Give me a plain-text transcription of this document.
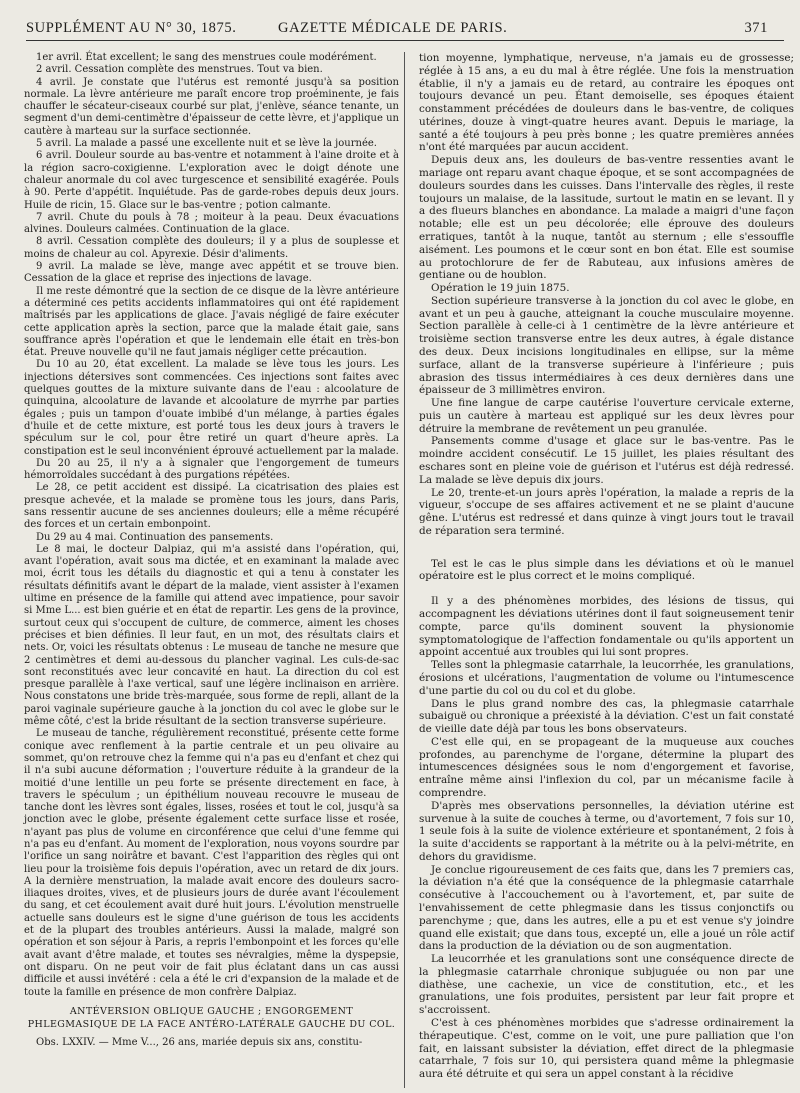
SUPPLÉMENT AU N° 30, 1875.	GAZETTE MÉDICALE DE PARIS.	371

1er avril. État excellent; le sang des menstrues coule modérément.

2 avril. Cessation complète des menstrues. Tout va bien.

4 avril. Je constate que l'utérus est remonté jusqu'à sa position normale. La lèvre antérieure me paraît encore trop proéminente, je fais chauffer le sécateur-ciseaux courbé sur plat, j'enlève, séance tenante, un segment d'un demi-centimètre d'épaisseur de cette lèvre, et j'applique un cautère à marteau sur la surface sectionnée.

5 avril. La malade a passé une excellente nuit et se lève la journée.

6 avril. Douleur sourde au bas-ventre et notamment à l'aine droite et à la région sacro-coxigienne. L'exploration avec le doigt dénote une chaleur anormale du col avec turgescence et sensibilité exagérée. Pouls à 90. Perte d'appétit. Inquiétude. Pas de garde-robes depuis deux jours. Huile de ricin, 15. Glace sur le bas-ventre ; potion calmante.

7 avril. Chute du pouls à 78 ; moiteur à la peau. Deux évacuations alvines. Douleurs calmées. Continuation de la glace.

8 avril. Cessation complète des douleurs; il y a plus de souplesse et moins de chaleur au col. Apyrexie. Désir d'aliments.

9 avril. La malade se lève, mange avec appétit et se trouve bien. Cessation de la glace et reprise des injections de lavage.

Il me reste démontré que la section de ce disque de la lèvre antérieure a déterminé ces petits accidents inflammatoires qui ont été rapidement maîtrisés par les applications de glace. J'avais négligé de faire exécuter cette application après la section, parce que la malade était gaie, sans souffrance après l'opération et que le lendemain elle était en très-bon état. Preuve nouvelle qu'il ne faut jamais négliger cette précaution.

Du 10 au 20, état excellent. La malade se lève tous les jours. Les injections détersives sont commencées. Ces injections sont faites avec quelques gouttes de la mixture suivante dans de l'eau : alcoolature de quinquina, alcoolature de lavande et alcoolature de myrrhe par parties égales ; puis un tampon d'ouate imbibé d'un mélange, à parties égales d'huile et de cette mixture, est porté tous les deux jours à travers le spéculum sur le col, pour être retiré un quart d'heure après. La constipation est le seul inconvénient éprouvé actuellement par la malade.

Du 20 au 25, il n'y a à signaler que l'engorgement de tumeurs hémorroïdales succédant à des purgations répétées.

Le 28, ce petit accident est dissipé. La cicatrisation des plaies est presque achevée, et la malade se promène tous les jours, dans Paris, sans ressentir aucune de ses anciennes douleurs; elle a même récupéré des forces et un certain embonpoint.

Du 29 au 4 mai. Continuation des pansements.

Le 8 mai, le docteur Dalpiaz, qui m'a assisté dans l'opération, qui, avant l'opération, avait sous ma dictée, et en examinant la malade avec moi, écrit tous les détails du diagnostic et qui a tenu à constater les résultats définitifs avant le départ de la malade, vient assister à l'examen ultime en présence de la famille qui attend avec impatience, pour savoir si Mme L... est bien guérie et en état de repartir. Les gens de la province, surtout ceux qui s'occupent de culture, de commerce, aiment les choses précises et bien définies. Il leur faut, en un mot, des résultats clairs et nets. Or, voici les résultats obtenus : Le museau de tanche ne mesure que 2 centimètres et demi au-dessous du plancher vaginal. Les culs-de-sac sont reconstitués avec leur concavité en haut. La direction du col est presque parallèle à l'axe vertical, sauf une légère inclinaison en arrière. Nous constatons une bride très-marquée, sous forme de repli, allant de la paroi vaginale supérieure gauche à la jonction du col avec le globe sur le même côté, c'est la bride résultant de la section transverse supérieure.

Le museau de tanche, régulièrement reconstitué, présente cette forme conique avec renflement à la partie centrale et un peu olivaire au sommet, qu'on retrouve chez la femme qui n'a pas eu d'enfant et chez qui il n'a subi aucune déformation ; l'ouverture réduite à la grandeur de la moitié d'une lentille un peu forte se présente directement en face, à travers le spéculum ; un épithélium nouveau recouvre le museau de tanche dont les lèvres sont égales, lisses, rosées et tout le col, jusqu'à sa jonction avec le globe, présente également cette surface lisse et rosée, n'ayant pas plus de volume en circonférence que celui d'une femme qui n'a pas eu d'enfant. Au moment de l'exploration, nous voyons sourdre par l'orifice un sang noirâtre et bavant. C'est l'apparition des règles qui ont lieu pour la troisième fois depuis l'opération, avec un retard de dix jours. A la dernière menstruation, la malade avait encore des douleurs sacro-iliaques droites, vives, et de plusieurs jours de durée avant l'écoulement du sang, et cet écoulement avait duré huit jours. L'évolution menstruelle actuelle sans douleurs est le signe d'une guérison de tous les accidents et de la plupart des troubles antérieurs. Aussi la malade, malgré son opération et son séjour à Paris, a repris l'embonpoint et les forces qu'elle avait avant d'être malade, et toutes ses névralgies, même la dyspepsie, ont disparu. On ne peut voir de fait plus éclatant dans un cas aussi difficile et aussi invétéré : cela a été le cri d'expansion de la malade et de toute la famille en présence de mon confrère Dalpiaz.

ANTÉVERSION OBLIQUE GAUCHE ; ENGORGEMENT PHLEGMASIQUE DE LA FACE ANTÉRO-LATÉRALE GAUCHE DU COL.

Obs. LXXIV. — Mme V..., 26 ans, mariée depuis six ans, constitu-

tion moyenne, lymphatique, nerveuse, n'a jamais eu de grossesse; réglée à 15 ans, a eu du mal à être réglée. Une fois la menstruation établie, il n'y a jamais eu de retard, au contraire les époques ont toujours devancé un peu. Étant demoiselle, ses époques étaient constamment précédées de douleurs dans le bas-ventre, de coliques utérines, douze à vingt-quatre heures avant. Depuis le mariage, la santé a été toujours à peu près bonne ; les quatre premières années n'ont été marquées par aucun accident.

Depuis deux ans, les douleurs de bas-ventre ressenties avant le mariage ont reparu avant chaque époque, et se sont accompagnées de douleurs sourdes dans les cuisses. Dans l'intervalle des règles, il reste toujours un malaise, de la lassitude, surtout le matin en se levant. Il y a des flueurs blanches en abondance. La malade a maigri d'une façon notable; elle est un peu décolorée; elle éprouve des douleurs erratiques, tantôt à la nuque, tantôt au sternum ; elle s'essouffle aisément. Les poumons et le cœur sont en bon état. Elle est soumise au protochlorure de fer de Rabuteau, aux infusions amères de gentiane ou de houblon.

Opération le 19 juin 1875.

Section supérieure transverse à la jonction du col avec le globe, en avant et un peu à gauche, atteignant la couche musculaire moyenne. Section parallèle à celle-ci à 1 centimètre de la lèvre antérieure et troisième section transverse entre les deux autres, à égale distance des deux. Deux incisions longitudinales en ellipse, sur la même surface, allant de la transverse supérieure à l'inférieure ; puis abrasion des tissus intermédiaires à ces deux dernières dans une épaisseur de 3 millimètres environ.

Une fine langue de carpe cautérise l'ouverture cervicale externe, puis un cautère à marteau est appliqué sur les deux lèvres pour détruire la membrane de revêtement un peu granulée.

Pansements comme d'usage et glace sur le bas-ventre. Pas le moindre accident consécutif. Le 15 juillet, les plaies résultant des eschares sont en pleine voie de guérison et l'utérus est déjà redressé. La malade se lève depuis dix jours.

Le 20, trente-et-un jours après l'opération, la malade a repris de la vigueur, s'occupe de ses affaires activement et ne se plaint d'aucune gêne. L'utérus est redressé et dans quinze à vingt jours tout le travail de réparation sera terminé.

Tel est le cas le plus simple dans les déviations et où le manuel opératoire est le plus correct et le moins compliqué.

Il y a des phénomènes morbides, des lésions de tissus, qui accompagnent les déviations utérines dont il faut soigneusement tenir compte, parce qu'ils dominent souvent la physionomie symptomatologique de l'affection fondamentale ou qu'ils apportent un appoint accentué aux troubles qui lui sont propres.

Telles sont la phlegmasie catarrhale, la leucorrhée, les granulations, érosions et ulcérations, l'augmentation de volume ou l'intumescence d'une partie du col ou du col et du globe.

Dans le plus grand nombre des cas, la phlegmasie catarrhale subaiguë ou chronique a préexisté à la déviation. C'est un fait constaté de vieille date déjà par tous les bons observateurs.

C'est elle qui, en se propageant de la muqueuse aux couches profondes, au parenchyme de l'organe, détermine la plupart des intumescences désignées sous le nom d'engorgement et favorise, entraîne même ainsi l'inflexion du col, par un mécanisme facile à comprendre.

D'après mes observations personnelles, la déviation utérine est survenue à la suite de couches à terme, ou d'avortement, 7 fois sur 10, 1 seule fois à la suite de violence extérieure et spontanément, 2 fois à la suite d'accidents se rapportant à la métrite ou à la pelvi-métrite, en dehors du gravidisme.

Je conclue rigoureusement de ces faits que, dans les 7 premiers cas, la déviation n'a été que la conséquence de la phlegmasie catarrhale consécutive à l'accouchement ou à l'avortement, et, par suite de l'envahissement de cette phlegmasie dans les tissus conjonctifs ou parenchyme ; que, dans les autres, elle a pu et est venue s'y joindre quand elle existait; que dans tous, excepté un, elle a joué un rôle actif dans la production de la déviation ou de son augmentation.

La leucorrhée et les granulations sont une conséquence directe de la phlegmasie catarrhale chronique subjuguée ou non par une diathèse, une cachexie, un vice de constitution, etc., et les granulations, une fois produites, persistent par leur fait propre et s'accroissent.

C'est à ces phénomènes morbides que s'adresse ordinairement la thérapeutique. C'est, comme on le voit, une pure palliation que l'on fait, en laissant subsister la déviation, effet direct de la phlegmasie catarrhale, 7 fois sur 10, qui persistera quand même la phlegmasie aura été détruite et qui sera un appel constant à la récidive
